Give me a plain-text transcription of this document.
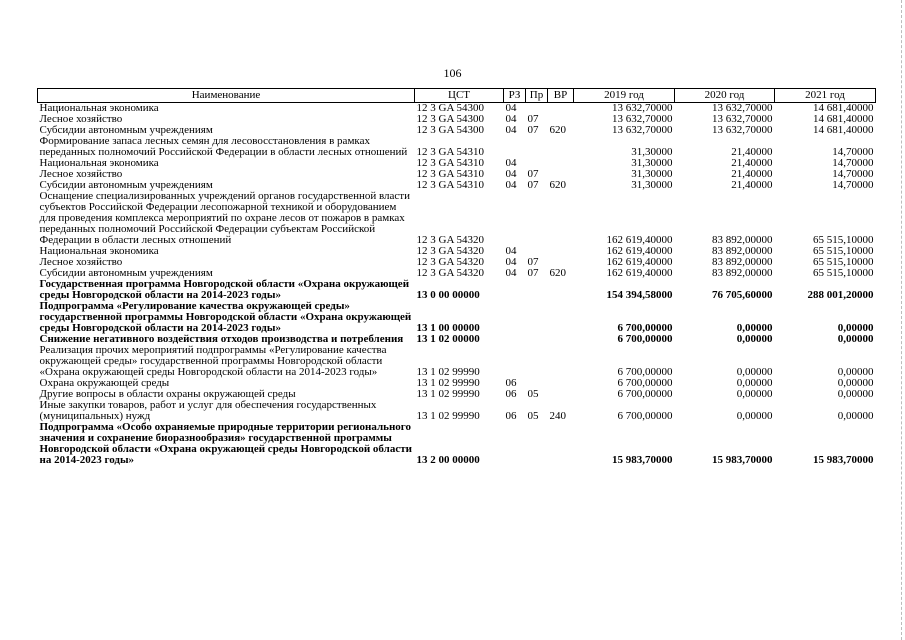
106
Наименование	ЦСТ	РЗ	Пр	ВР	2019 год	2020 год	2021 год
Национальная экономика	12 3 GA 54300	04			13 632,70000	13 632,70000	14 681,40000
Лесное хозяйство	12 3 GA 54300	04	07		13 632,70000	13 632,70000	14 681,40000
Субсидии автономным учреждениям	12 3 GA 54300	04	07	620	13 632,70000	13 632,70000	14 681,40000
Формирование запаса лесных семян для лесовосстановления в рамках переданных полномочий Российской Федерации в области лесных отношений	12 3 GA 54310				31,30000	21,40000	14,70000
Национальная экономика	12 3 GA 54310	04			31,30000	21,40000	14,70000
Лесное хозяйство	12 3 GA 54310	04	07		31,30000	21,40000	14,70000
Субсидии автономным учреждениям	12 3 GA 54310	04	07	620	31,30000	21,40000	14,70000
Оснащение специализированных учреждений органов государственной власти субъектов Российской Федерации лесопожарной техникой и оборудованием для проведения комплекса мероприятий по охране лесов от пожаров в рамках переданных полномочий Российской Федерации субъектам Российской Федерации в области лесных отношений	12 3 GA 54320				162 619,40000	83 892,00000	65 515,10000
Национальная экономика	12 3 GA 54320	04			162 619,40000	83 892,00000	65 515,10000
Лесное хозяйство	12 3 GA 54320	04	07		162 619,40000	83 892,00000	65 515,10000
Субсидии автономным учреждениям	12 3 GA 54320	04	07	620	162 619,40000	83 892,00000	65 515,10000
Государственная программа Новгородской области «Охрана окружающей среды Новгородской области на 2014-2023 годы»	13 0 00 00000				154 394,58000	76 705,60000	288 001,20000
Подпрограмма «Регулирование качества окружающей среды» государственной программы Новгородской области «Охрана окружающей среды Новгородской области на 2014-2023 годы»	13 1 00 00000				6 700,00000	0,00000	0,00000
Снижение негативного воздействия отходов производства и потребления	13 1 02 00000				6 700,00000	0,00000	0,00000
Реализация прочих мероприятий подпрограммы «Регулирование качества окружающей среды» государственной программы Новгородской области «Охрана окружающей среды Новгородской области на 2014-2023 годы»	13 1 02 99990				6 700,00000	0,00000	0,00000
Охрана окружающей среды	13 1 02 99990	06			6 700,00000	0,00000	0,00000
Другие вопросы в области охраны окружающей среды	13 1 02 99990	06	05		6 700,00000	0,00000	0,00000
Иные закупки товаров, работ и услуг для обеспечения государственных (муниципальных) нужд	13 1 02 99990	06	05	240	6 700,00000	0,00000	0,00000
Подпрограмма «Особо охраняемые природные территории регионального значения и сохранение биоразнообразия» государственной программы Новгородской области «Охрана окружающей среды Новгородской области на 2014-2023 годы»	13 2 00 00000				15 983,70000	15 983,70000	15 983,70000
